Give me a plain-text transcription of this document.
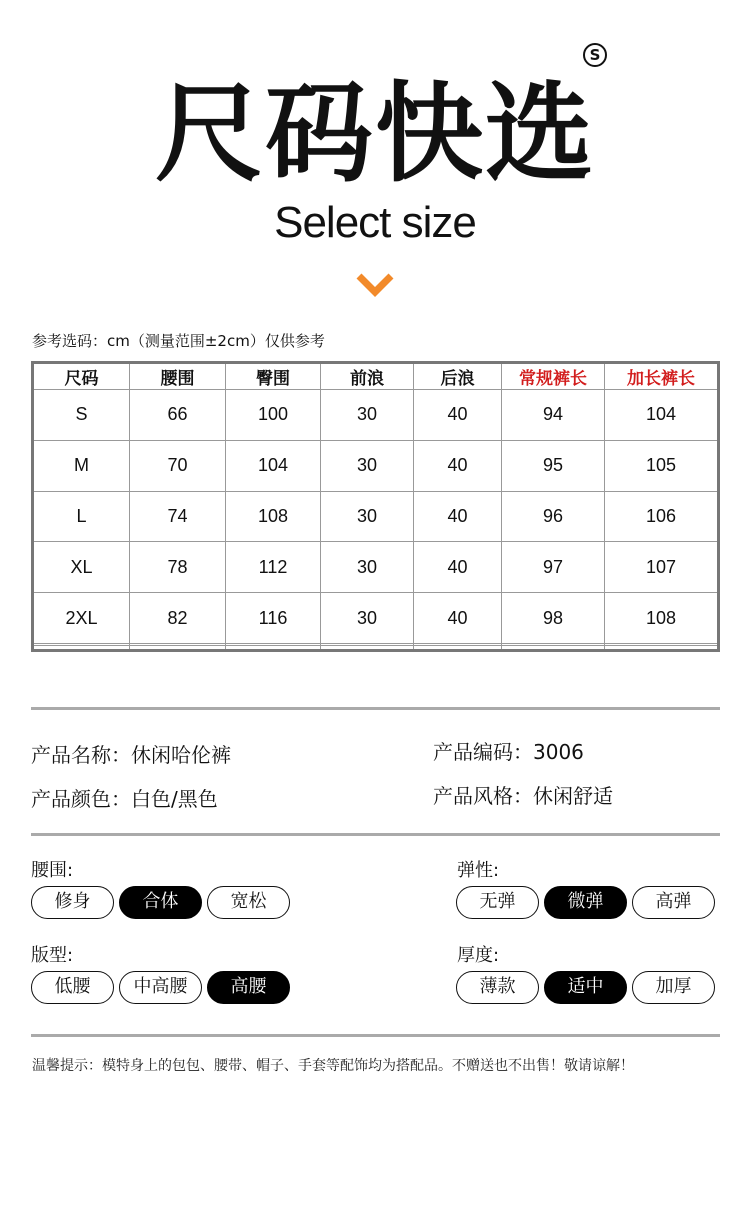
S
尺码快选
Select size
参考选码：cm（测量范围±2cm）仅供参考
尺码	腰围	臀围	前浪	后浪	常规裤长	加长裤长
S	66	100	30	40	94	104
M	70	104	30	40	95	105
L	74	108	30	40	96	106
XL	78	112	30	40	97	107
2XL	82	116	30	40	98	108

产品名称：休闲哈伦裤	产品编码：3006
产品颜色：白色/黑色	产品风格：休闲舒适
腰围:
修身	合体	宽松
弹性:
无弹	微弹	高弹
版型:
低腰	中高腰	高腰
厚度:
薄款	适中	加厚
温馨提示：模特身上的包包、腰带、帽子、手套等配饰均为搭配品。不赠送也不出售！敬请谅解！
